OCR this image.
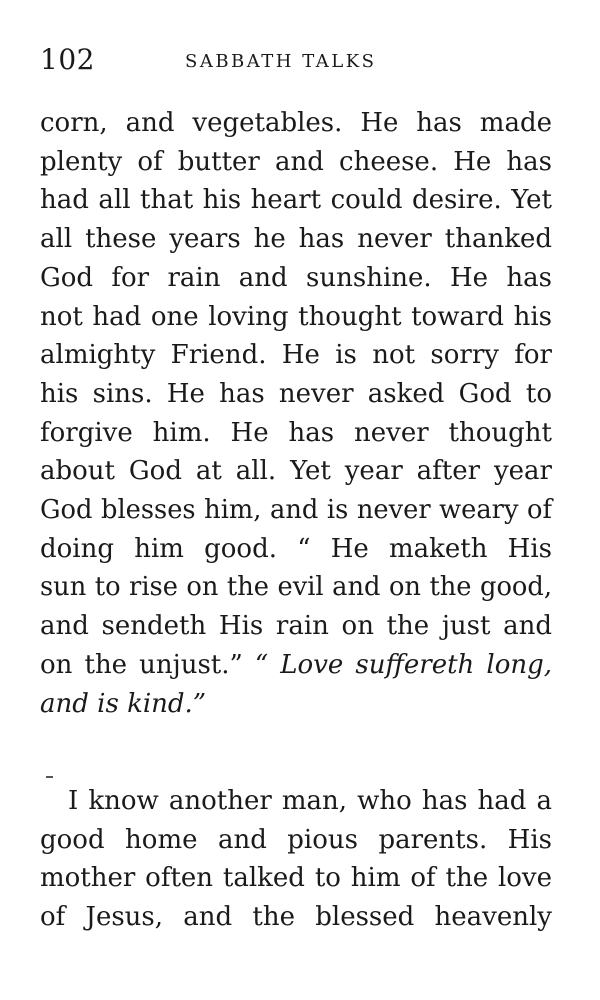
102	SABBATH TALKS
corn, and vegetables. He has made
plenty of butter and cheese. He has
had all that his heart could desire. Yet
all these years he has never thanked
God for rain and sunshine. He has
not had one loving thought toward his
almighty Friend. He is not sorry for
his sins. He has never asked God to
forgive him. He has never thought
about God at all. Yet year after year
God blesses him, and is never weary of
doing him good. “ He maketh His
sun to rise on the evil and on the good,
and sendeth His rain on the just and
on the unjust.” “ Love suffereth long,
and is kind.”
I know another man, who has had a
good home and pious parents. His
mother often talked to him of the love
of Jesus, and the blessed heavenly
